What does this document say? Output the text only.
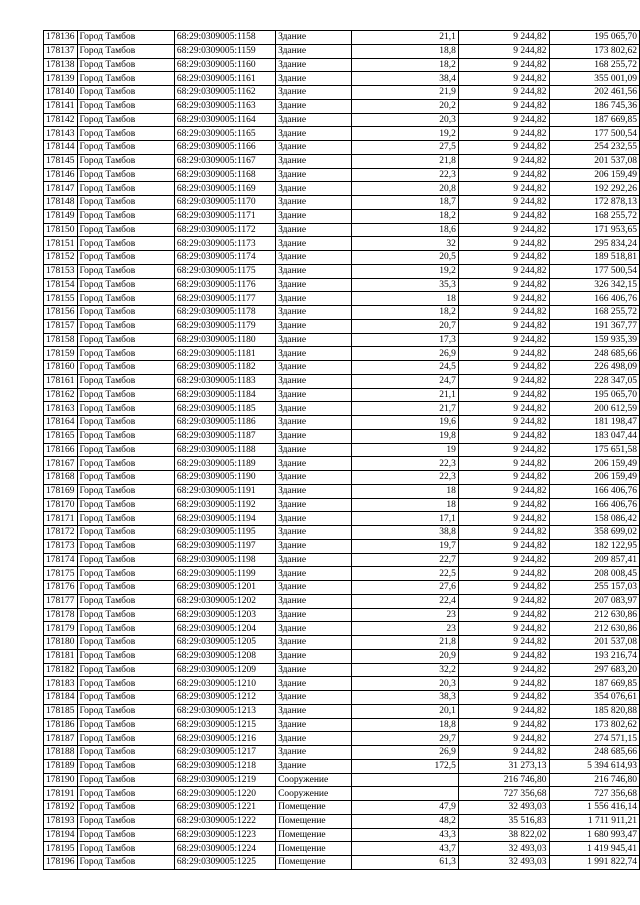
178136	Город Тамбов	68:29:0309005:1158	Здание	21,1	9 244,82	195 065,70
178137	Город Тамбов	68:29:0309005:1159	Здание	18,8	9 244,82	173 802,62
178138	Город Тамбов	68:29:0309005:1160	Здание	18,2	9 244,82	168 255,72
178139	Город Тамбов	68:29:0309005:1161	Здание	38,4	9 244,82	355 001,09
178140	Город Тамбов	68:29:0309005:1162	Здание	21,9	9 244,82	202 461,56
178141	Город Тамбов	68:29:0309005:1163	Здание	20,2	9 244,82	186 745,36
178142	Город Тамбов	68:29:0309005:1164	Здание	20,3	9 244,82	187 669,85
178143	Город Тамбов	68:29:0309005:1165	Здание	19,2	9 244,82	177 500,54
178144	Город Тамбов	68:29:0309005:1166	Здание	27,5	9 244,82	254 232,55
178145	Город Тамбов	68:29:0309005:1167	Здание	21,8	9 244,82	201 537,08
178146	Город Тамбов	68:29:0309005:1168	Здание	22,3	9 244,82	206 159,49
178147	Город Тамбов	68:29:0309005:1169	Здание	20,8	9 244,82	192 292,26
178148	Город Тамбов	68:29:0309005:1170	Здание	18,7	9 244,82	172 878,13
178149	Город Тамбов	68:29:0309005:1171	Здание	18,2	9 244,82	168 255,72
178150	Город Тамбов	68:29:0309005:1172	Здание	18,6	9 244,82	171 953,65
178151	Город Тамбов	68:29:0309005:1173	Здание	32	9 244,82	295 834,24
178152	Город Тамбов	68:29:0309005:1174	Здание	20,5	9 244,82	189 518,81
178153	Город Тамбов	68:29:0309005:1175	Здание	19,2	9 244,82	177 500,54
178154	Город Тамбов	68:29:0309005:1176	Здание	35,3	9 244,82	326 342,15
178155	Город Тамбов	68:29:0309005:1177	Здание	18	9 244,82	166 406,76
178156	Город Тамбов	68:29:0309005:1178	Здание	18,2	9 244,82	168 255,72
178157	Город Тамбов	68:29:0309005:1179	Здание	20,7	9 244,82	191 367,77
178158	Город Тамбов	68:29:0309005:1180	Здание	17,3	9 244,82	159 935,39
178159	Город Тамбов	68:29:0309005:1181	Здание	26,9	9 244,82	248 685,66
178160	Город Тамбов	68:29:0309005:1182	Здание	24,5	9 244,82	226 498,09
178161	Город Тамбов	68:29:0309005:1183	Здание	24,7	9 244,82	228 347,05
178162	Город Тамбов	68:29:0309005:1184	Здание	21,1	9 244,82	195 065,70
178163	Город Тамбов	68:29:0309005:1185	Здание	21,7	9 244,82	200 612,59
178164	Город Тамбов	68:29:0309005:1186	Здание	19,6	9 244,82	181 198,47
178165	Город Тамбов	68:29:0309005:1187	Здание	19,8	9 244,82	183 047,44
178166	Город Тамбов	68:29:0309005:1188	Здание	19	9 244,82	175 651,58
178167	Город Тамбов	68:29:0309005:1189	Здание	22,3	9 244,82	206 159,49
178168	Город Тамбов	68:29:0309005:1190	Здание	22,3	9 244,82	206 159,49
178169	Город Тамбов	68:29:0309005:1191	Здание	18	9 244,82	166 406,76
178170	Город Тамбов	68:29:0309005:1192	Здание	18	9 244,82	166 406,76
178171	Город Тамбов	68:29:0309005:1194	Здание	17,1	9 244,82	158 086,42
178172	Город Тамбов	68:29:0309005:1195	Здание	38,8	9 244,82	358 699,02
178173	Город Тамбов	68:29:0309005:1197	Здание	19,7	9 244,82	182 122,95
178174	Город Тамбов	68:29:0309005:1198	Здание	22,7	9 244,82	209 857,41
178175	Город Тамбов	68:29:0309005:1199	Здание	22,5	9 244,82	208 008,45
178176	Город Тамбов	68:29:0309005:1201	Здание	27,6	9 244,82	255 157,03
178177	Город Тамбов	68:29:0309005:1202	Здание	22,4	9 244,82	207 083,97
178178	Город Тамбов	68:29:0309005:1203	Здание	23	9 244,82	212 630,86
178179	Город Тамбов	68:29:0309005:1204	Здание	23	9 244,82	212 630,86
178180	Город Тамбов	68:29:0309005:1205	Здание	21,8	9 244,82	201 537,08
178181	Город Тамбов	68:29:0309005:1208	Здание	20,9	9 244,82	193 216,74
178182	Город Тамбов	68:29:0309005:1209	Здание	32,2	9 244,82	297 683,20
178183	Город Тамбов	68:29:0309005:1210	Здание	20,3	9 244,82	187 669,85
178184	Город Тамбов	68:29:0309005:1212	Здание	38,3	9 244,82	354 076,61
178185	Город Тамбов	68:29:0309005:1213	Здание	20,1	9 244,82	185 820,88
178186	Город Тамбов	68:29:0309005:1215	Здание	18,8	9 244,82	173 802,62
178187	Город Тамбов	68:29:0309005:1216	Здание	29,7	9 244,82	274 571,15
178188	Город Тамбов	68:29:0309005:1217	Здание	26,9	9 244,82	248 685,66
178189	Город Тамбов	68:29:0309005:1218	Здание	172,5	31 273,13	5 394 614,93
178190	Город Тамбов	68:29:0309005:1219	Сооружение		216 746,80	216 746,80
178191	Город Тамбов	68:29:0309005:1220	Сооружение		727 356,68	727 356,68
178192	Город Тамбов	68:29:0309005:1221	Помещение	47,9	32 493,03	1 556 416,14
178193	Город Тамбов	68:29:0309005:1222	Помещение	48,2	35 516,83	1 711 911,21
178194	Город Тамбов	68:29:0309005:1223	Помещение	43,3	38 822,02	1 680 993,47
178195	Город Тамбов	68:29:0309005:1224	Помещение	43,7	32 493,03	1 419 945,41
178196	Город Тамбов	68:29:0309005:1225	Помещение	61,3	32 493,03	1 991 822,74
